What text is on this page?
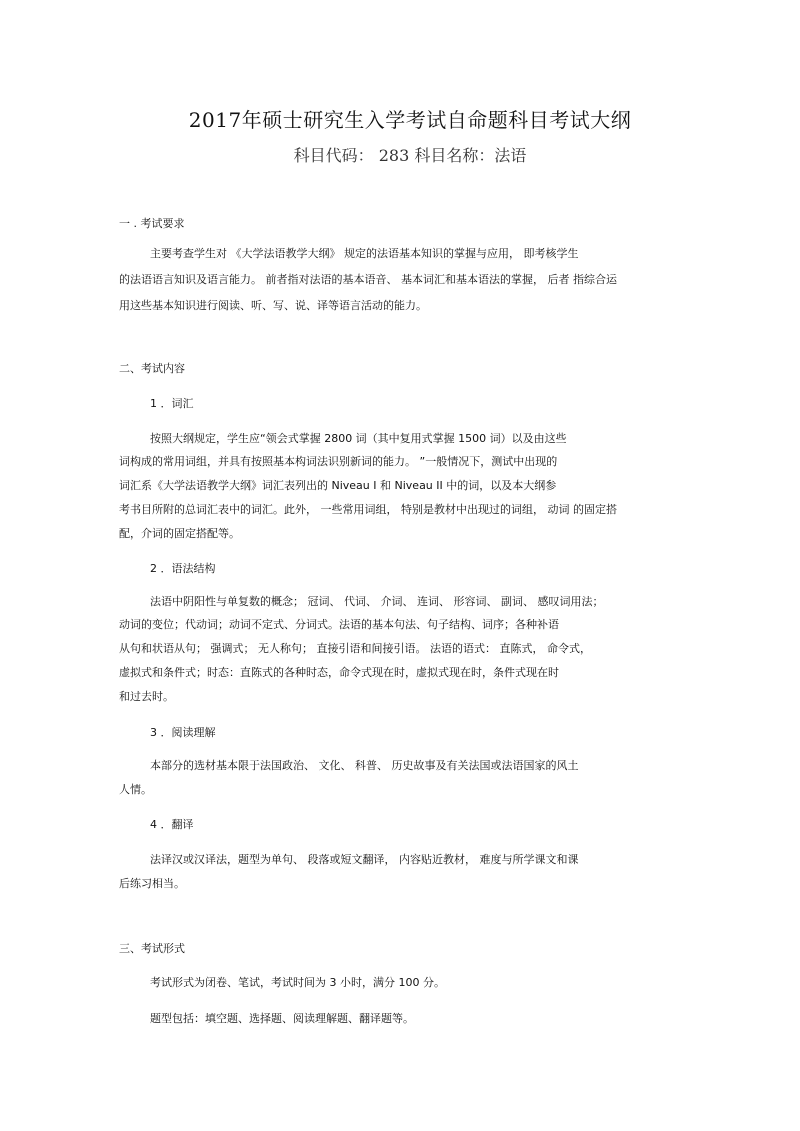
2017年硕士研究生入学考试自命题科目考试大纲
科目代码： 283 科目名称：法语
一 . 考试要求
主要考查学生对 《大学法语教学大纲》 规定的法语基本知识的掌握与应用， 即考核学生
的法语语言知识及语言能力。 前者指对法语的基本语音、 基本词汇和基本语法的掌握， 后者 指综合运
用这些基本知识进行阅读、听、写、说、译等语言活动的能力。
二、考试内容
1 ．词汇
按照大纲规定，学生应“领会式掌握 2800 词（其中复用式掌握 1500 词）以及由这些
词构成的常用词组，并具有按照基本构词法识别新词的能力。 ”一般情况下，测试中出现的
词汇系《大学法语教学大纲》词汇表列出的 Niveau I 和 Niveau II 中的词，以及本大纲参
考书目所附的总词汇表中的词汇。此外， 一些常用词组， 特别是教材中出现过的词组， 动词 的固定搭
配，介词的固定搭配等。
2 ．语法结构
法语中阴阳性与单复数的概念； 冠词、 代词、 介词、 连词、 形容词、 副词、 感叹词用法；
动词的变位；代动词；动词不定式、分词式。法语的基本句法、句子结构、词序；各种补语
从句和状语从句； 强调式； 无人称句； 直接引语和间接引语。 法语的语式： 直陈式， 命令式，
虚拟式和条件式；时态：直陈式的各种时态，命令式现在时，虚拟式现在时，条件式现在时
和过去时。
3 ．阅读理解
本部分的选材基本限于法国政治、 文化、 科普、 历史故事及有关法国或法语国家的风土
人情。
4 ．翻译
法译汉或汉译法，题型为单句、 段落或短文翻译， 内容贴近教材， 难度与所学课文和课
后练习相当。
三、考试形式
考试形式为闭卷、笔试，考试时间为 3 小时，满分 100 分。
题型包括：填空题、选择题、阅读理解题、翻译题等。
